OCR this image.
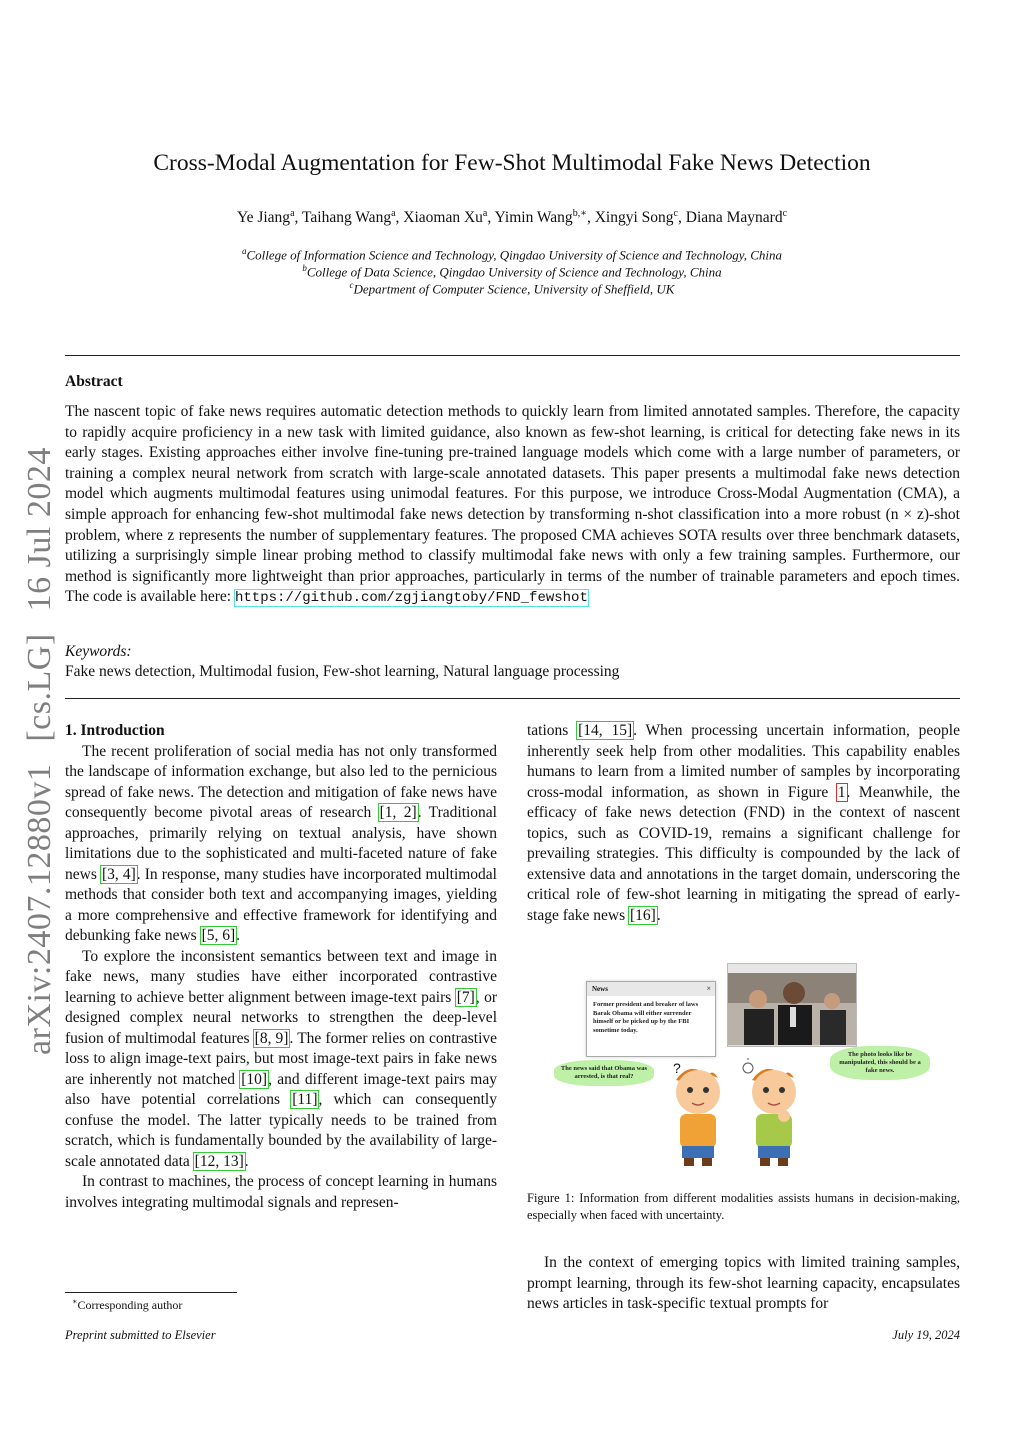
arXiv:2407.12880v1
[cs.LG]
16 Jul 2024
Cross-Modal Augmentation for Few-Shot Multimodal Fake News Detection
Ye Jiang$^a$, Taihang Wang$^a$, Xiaoman Xu$^a$, Yimin Wang$^{b,∗}$, Xingyi Song$^c$, Diana Maynard$^c$
$^a$College of Information Science and Technology, Qingdao University of Science and Technology, China
$^b$College of Data Science, Qingdao University of Science and Technology, China
$^c$Department of Computer Science, University of Sheffield, UK
Abstract
The nascent topic of fake news requires automatic detection methods to quickly learn from limited annotated samples. Therefore, the capacity to rapidly acquire proficiency in a new task with limited guidance, also known as few-shot learning, is critical for detecting fake news in its early stages. Existing approaches either involve fine-tuning pre-trained language models which come with a large number of parameters, or training a complex neural network from scratch with large-scale annotated datasets. This paper presents a multimodal fake news detection model which augments multimodal features using unimodal features. For this purpose, we introduce Cross-Modal Augmentation (CMA), a simple approach for enhancing few-shot multimodal fake news detection by transforming n-shot classification into a more robust (n × z)-shot problem, where z represents the number of supplementary features. The proposed CMA achieves SOTA results over three benchmark datasets, utilizing a surprisingly simple linear probing method to classify multimodal fake news with only a few training samples. Furthermore, our method is significantly more lightweight than prior approaches, particularly in terms of the number of trainable parameters and epoch times. The code is available here: https://github.com/zgjiangtoby/FND_fewshot
Keywords:
Fake news detection, Multimodal fusion, Few-shot learning, Natural language processing

1. Introduction

The recent proliferation of social media has not only transformed the landscape of information exchange, but also led to the pernicious spread of fake news. The detection and mitigation of fake news have consequently become pivotal areas of research [1, 2]. Traditional approaches, primarily relying on textual analysis, have shown limitations due to the sophisticated and multi-faceted nature of fake news [3, 4]. In response, many studies have incorporated multimodal methods that consider both text and accompanying images, yielding a more comprehensive and effective framework for identifying and debunking fake news [5, 6].

To explore the inconsistent semantics between text and image in fake news, many studies have either incorporated contrastive learning to achieve better alignment between image-text pairs [7], or designed complex neural networks to strengthen the deep-level fusion of multimodal features [8, 9]. The former relies on contrastive loss to align image-text pairs, but most image-text pairs in fake news are inherently not matched [10], and different image-text pairs may also have potential correlations [11], which can consequently confuse the model. The latter typically needs to be trained from scratch, which is fundamentally bounded by the availability of large-scale annotated data [12, 13].

In contrast to machines, the process of concept learning in humans involves integrating multimodal signals and represen-

tations [14, 15]. When processing uncertain information, people inherently seek help from other modalities. This capability enables humans to learn from a limited number of samples by incorporating cross-modal information, as shown in Figure 1. Meanwhile, the efficacy of fake news detection (FND) in the context of nascent topics, such as COVID-19, remains a significant challenge for prevailing strategies. This difficulty is compounded by the lack of extensive data and annotations in the target domain, underscoring the critical role of few-shot learning in mitigating the spread of early-stage fake news [16].

News	×
Former president and breaker of laws Barak Obama will either surrender himself or be picked up by the FBI sometime today.
The news said that Obama was arrested, is that real?
The photo looks like be manipulated, this should be a fake news.
?
Figure 1: Information from different modalities assists humans in decision-making, especially when faced with uncertainty.

In the context of emerging topics with limited training samples, prompt learning, through its few-shot learning capacity, encapsulates news articles in task-specific textual prompts for

∗Corresponding author
Preprint submitted to Elsevier	July 19, 2024
